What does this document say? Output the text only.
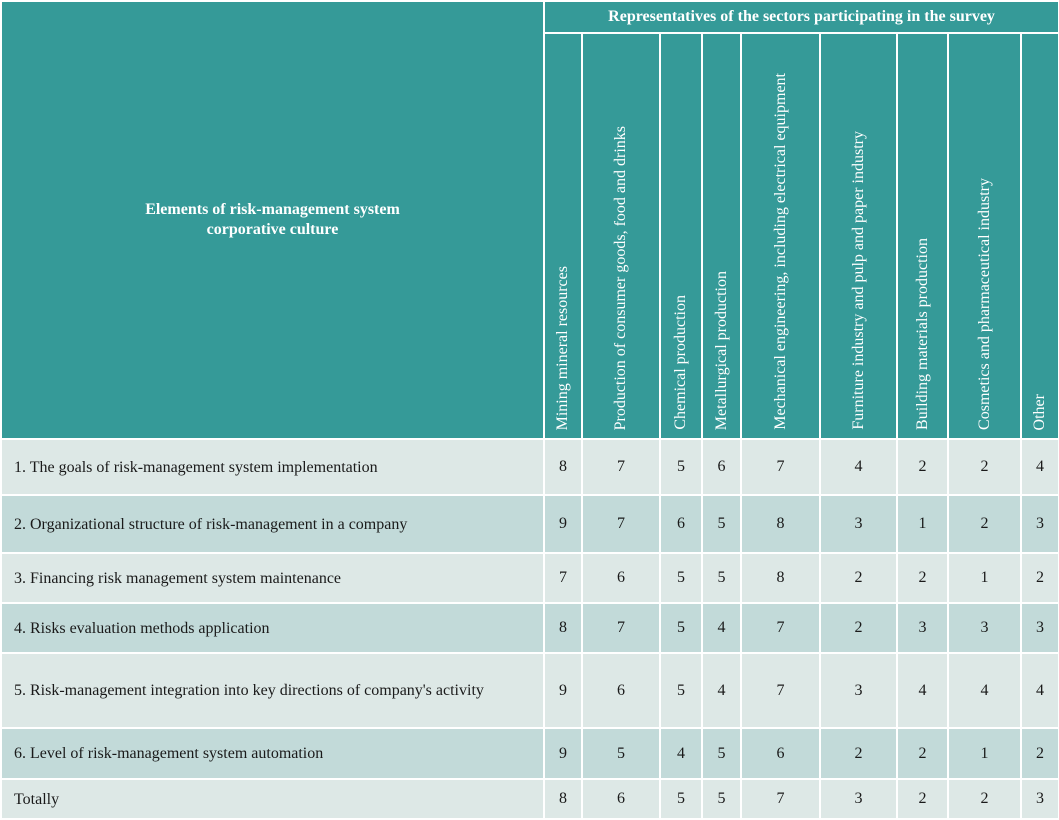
Elements of risk-management system corporative culture	Representatives of the sectors participating in the survey								

	Mining mineral resources	Production of consumer goods, food and drinks	Chemical production	Metallurgical production	Mechanical engineering, including electrical equipment	Furniture industry and pulp and paper industry	Building materials production	Cosmetics and pharmaceutical industry	Other

1. The goals of risk-management system implementation	8	7	5	6	7	4	2	2	4
2. Organizational structure of risk-management in a company	9	7	6	5	8	3	1	2	3
3. Financing risk management system maintenance	7	6	5	5	8	2	2	1	2
4. Risks evaluation methods application	8	7	5	4	7	2	3	3	3
5. Risk-management integration into key directions of company's activity	9	6	5	4	7	3	4	4	4
6. Level of risk-management system automation	9	5	4	5	6	2	2	1	2
Totally	8	6	5	5	7	3	2	2	3
